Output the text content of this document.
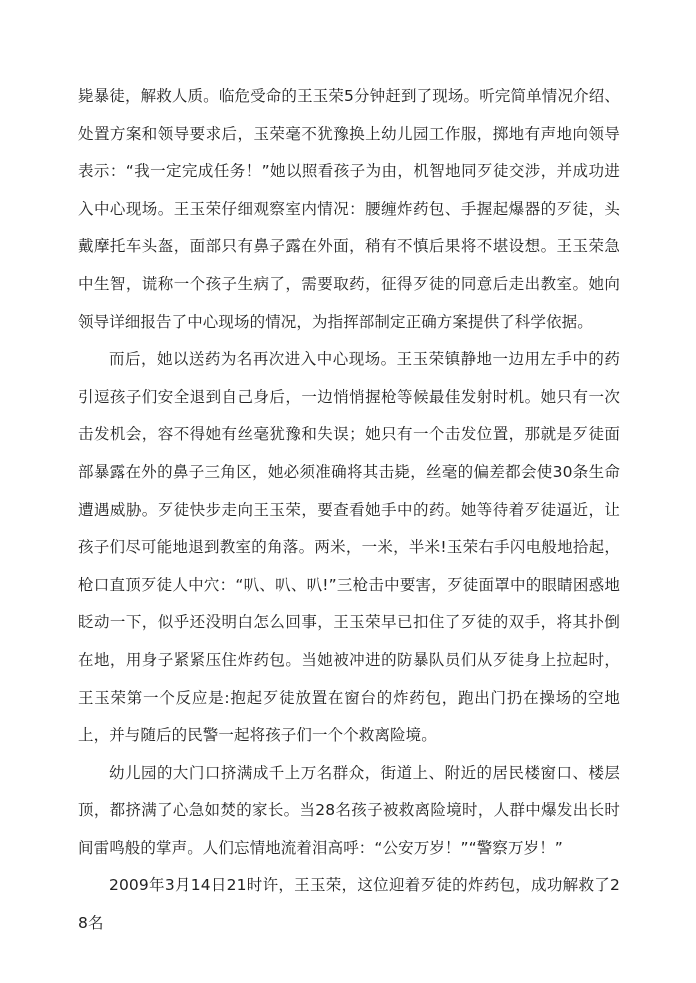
毙暴徒，解救人质。临危受命的王玉荣5分钟赶到了现场。听完简单情况介绍、处置方案和领导要求后，玉荣毫不犹豫换上幼儿园工作服，掷地有声地向领导表示：“我一定完成任务！”她以照看孩子为由，机智地同歹徒交涉，并成功进入中心现场。王玉荣仔细观察室内情况：腰缠炸药包、手握起爆器的歹徒，头戴摩托车头盔，面部只有鼻子露在外面，稍有不慎后果将不堪设想。王玉荣急中生智，谎称一个孩子生病了，需要取药，征得歹徒的同意后走出教室。她向领导详细报告了中心现场的情况，为指挥部制定正确方案提供了科学依据。

而后，她以送药为名再次进入中心现场。王玉荣镇静地一边用左手中的药引逗孩子们安全退到自己身后，一边悄悄握枪等候最佳发射时机。她只有一次击发机会，容不得她有丝毫犹豫和失误；她只有一个击发位置，那就是歹徒面部暴露在外的鼻子三角区，她必须准确将其击毙，丝毫的偏差都会使30条生命遭遇威胁。歹徒快步走向王玉荣，要查看她手中的药。她等待着歹徒逼近，让孩子们尽可能地退到教室的角落。两米，一米，半米!玉荣右手闪电般地拾起，枪口直顶歹徒人中穴：“叭、叭、叭!”三枪击中要害，歹徒面罩中的眼睛困惑地眨动一下，似乎还没明白怎么回事，王玉荣早已扣住了歹徒的双手，将其扑倒在地，用身子紧紧压住炸药包。当她被冲进的防暴队员们从歹徒身上拉起时，王玉荣第一个反应是:抱起歹徒放置在窗台的炸药包，跑出门扔在操场的空地上，并与随后的民警一起将孩子们一个个救离险境。

幼儿园的大门口挤满成千上万名群众，街道上、附近的居民楼窗口、楼层顶，都挤满了心急如焚的家长。当28名孩子被救离险境时，人群中爆发出长时间雷鸣般的掌声。人们忘情地流着泪高呼：“公安万岁！”“警察万岁！”

2009年3月14日21时许，王玉荣，这位迎着歹徒的炸药包，成功解救了28名
